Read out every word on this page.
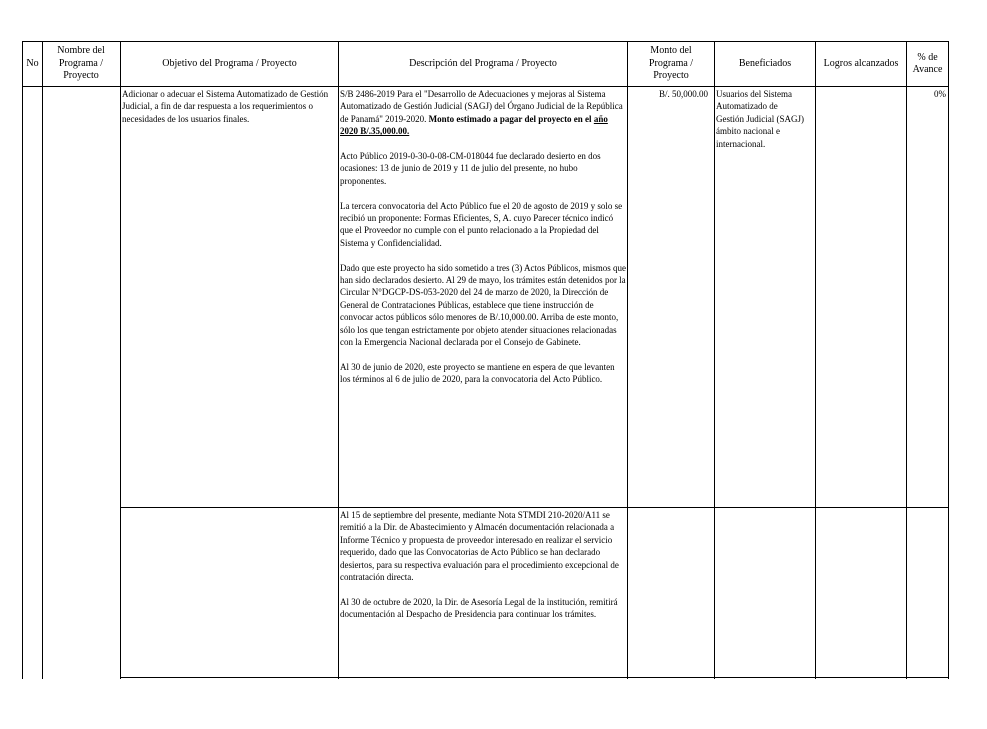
No
Nombre del Programa / Proyecto
Objetivo del Programa / Proyecto	Descripción del Programa / Proyecto
Monto del Programa / Proyecto
Beneficiados	Logros alcanzados
% de Avance
Adicionar o adecuar el Sistema Automatizado de Gestión Judicial, a fin de dar respuesta a los requerimientos o necesidades de los usuarios finales.

S/B 2486-2019 Para el "Desarrollo de Adecuaciones y mejoras al Sistema Automatizado de Gestión Judicial (SAGJ) del Órgano Judicial de la República de Panamá" 2019-2020. Monto estimado a pagar del proyecto en el año 2020 B/.35,000.00.

Acto Público 2019-0-30-0-08-CM-018044 fue declarado desierto en dos ocasiones: 13 de junio de 2019 y 11 de julio del presente, no hubo proponentes.

La tercera convocatoria del Acto Público fue el 20 de agosto de 2019 y solo se recibió un proponente: Formas Eficientes, S, A. cuyo Parecer técnico indicó que el Proveedor no cumple con el punto relacionado a la Propiedad del Sistema y Confidencialidad.

Dado que este proyecto ha sido sometido a tres (3) Actos Públicos, mismos que han sido declarados desierto. Al 29 de mayo, los trámites están detenidos por la Circular N°DGCP-DS-053-2020 del 24 de marzo de 2020, la Dirección de General de Contrataciones Públicas, establece que tiene instrucción de convocar actos públicos sólo menores de B/.10,000.00. Arriba de este monto, sólo los que tengan estrictamente por objeto atender situaciones relacionadas con la Emergencia Nacional declarada por el Consejo de Gabinete.

Al 30 de junio de 2020, este proyecto se mantiene en espera de que levanten los términos al 6 de julio de 2020, para la convocatoria del Acto Público.

B/. 50,000.00 Usuarios del Sistema Automatizado de Gestión Judicial (SAGJ) ámbito nacional e internacional.
0%

Al 15 de septiembre del presente, mediante Nota STMDI 210-2020/A11 se remitió a la Dir. de Abastecimiento y Almacén documentación relacionada a Informe Técnico y propuesta de proveedor interesado en realizar el servicio requerido, dado que las Convocatorias de Acto Público se han declarado desiertos, para su respectiva evaluación para el procedimiento excepcional de contratación directa.

Al 30 de octubre de 2020, la Dir. de Asesoría Legal de la institución, remitirá documentación al Despacho de Presidencia para continuar los trámites.
